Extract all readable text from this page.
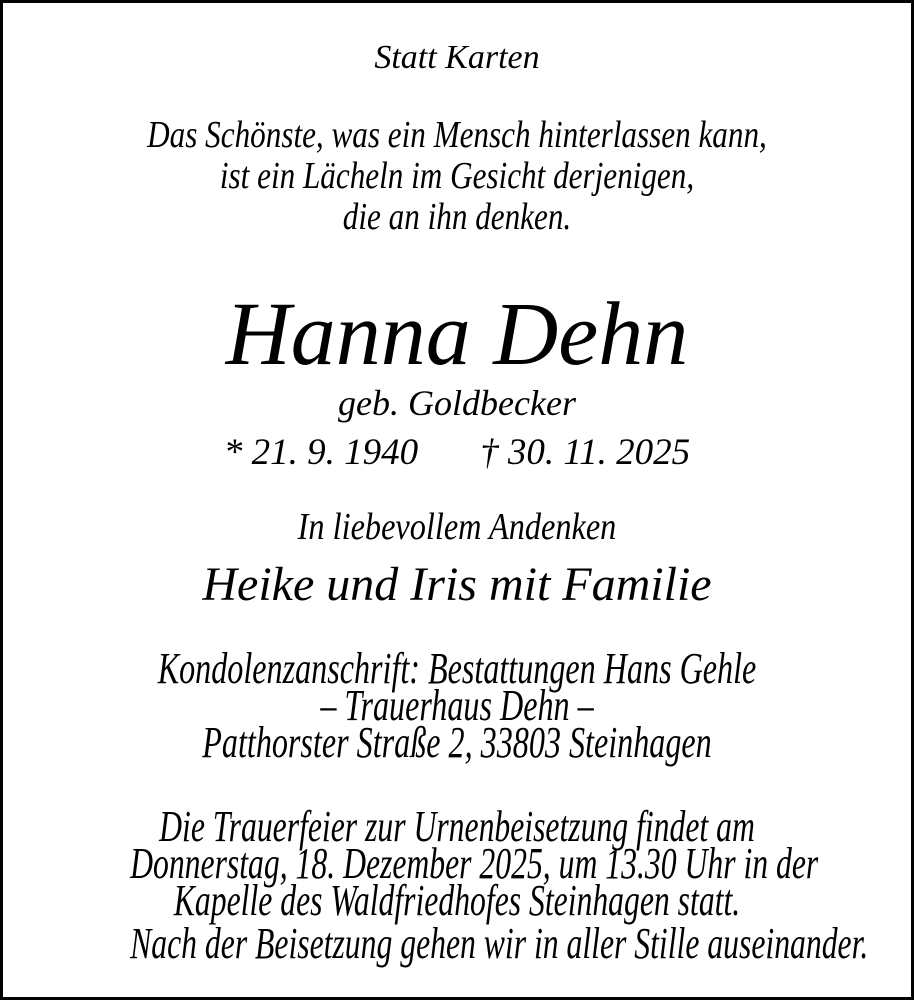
Statt Karten
Das Schönste, was ein Mensch hinterlassen kann,
ist ein Lächeln im Gesicht derjenigen,
die an ihn denken.
Hanna Dehn
geb. Goldbecker
* 21. 9. 1940 † 30. 11. 2025
In liebevollem Andenken
Heike und Iris mit Familie
Kondolenzanschrift: Bestattungen Hans Gehle
– Trauerhaus Dehn –
Patthorster Straße 2, 33803 Steinhagen
Die Trauerfeier zur Urnenbeisetzung findet am
Donnerstag, 18. Dezember 2025, um 13.30 Uhr in der
Kapelle des Waldfriedhofes Steinhagen statt.
Nach der Beisetzung gehen wir in aller Stille auseinander.
